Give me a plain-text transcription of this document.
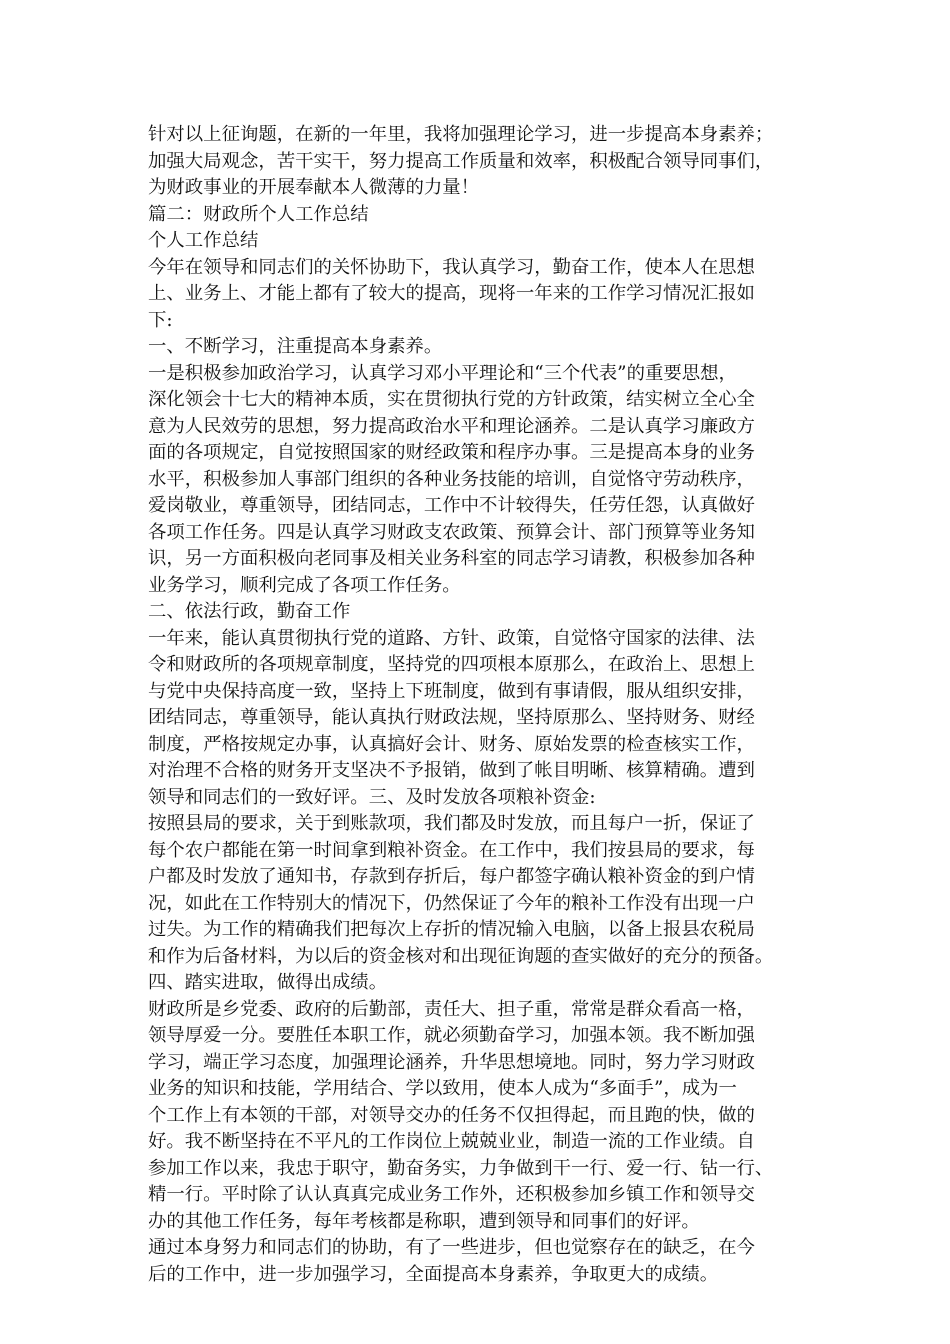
针对以上征询题，在新的一年里，我将加强理论学习，进一步提高本身素养；
加强大局观念，苦干实干，努力提高工作质量和效率，积极配合领导同事们，
为财政事业的开展奉献本人微薄的力量！
篇二：财政所个人工作总结
个人工作总结
今年在领导和同志们的关怀协助下，我认真学习，勤奋工作，使本人在思想
上、业务上、才能上都有了较大的提高，现将一年来的工作学习情况汇报如
下:
一、不断学习，注重提高本身素养。
一是积极参加政治学习，认真学习邓小平理论和“三个代表”的重要思想，
深化领会十七大的精神本质，实在贯彻执行党的方针政策，结实树立全心全
意为人民效劳的思想，努力提高政治水平和理论涵养。二是认真学习廉政方
面的各项规定，自觉按照国家的财经政策和程序办事。三是提高本身的业务
水平，积极参加人事部门组织的各种业务技能的培训，自觉恪守劳动秩序，
爱岗敬业，尊重领导，团结同志，工作中不计较得失，任劳任怨，认真做好
各项工作任务。四是认真学习财政支农政策、预算会计、部门预算等业务知
识，另一方面积极向老同事及相关业务科室的同志学习请教，积极参加各种
业务学习，顺利完成了各项工作任务。
二、依法行政，勤奋工作
一年来，能认真贯彻执行党的道路、方针、政策，自觉恪守国家的法律、法
令和财政所的各项规章制度，坚持党的四项根本原那么，在政治上、思想上
与党中央保持高度一致，坚持上下班制度，做到有事请假，服从组织安排，
团结同志，尊重领导，能认真执行财政法规，坚持原那么、坚持财务、财经
制度，严格按规定办事，认真搞好会计、财务、原始发票的检查核实工作，
对治理不合格的财务开支坚决不予报销，做到了帐目明晰、核算精确。遭到
领导和同志们的一致好评。三、及时发放各项粮补资金:
按照县局的要求，关于到账款项，我们都及时发放，而且每户一折，保证了
每个农户都能在第一时间拿到粮补资金。在工作中，我们按县局的要求，每
户都及时发放了通知书，存款到存折后，每户都签字确认粮补资金的到户情
况，如此在工作特别大的情况下，仍然保证了今年的粮补工作没有出现一户
过失。为工作的精确我们把每次上存折的情况输入电脑，以备上报县农税局
和作为后备材料，为以后的资金核对和出现征询题的查实做好的充分的预备。
四、踏实进取，做得出成绩。
财政所是乡党委、政府的后勤部，责任大、担子重，常常是群众看高一格，
领导厚爱一分。要胜任本职工作，就必须勤奋学习，加强本领。我不断加强
学习，端正学习态度，加强理论涵养，升华思想境地。同时，努力学习财政
业务的知识和技能，学用结合、学以致用，使本人成为“多面手”，成为一
个工作上有本领的干部，对领导交办的任务不仅担得起，而且跑的快，做的
好。我不断坚持在不平凡的工作岗位上兢兢业业，制造一流的工作业绩。自
参加工作以来，我忠于职守，勤奋务实，力争做到干一行、爱一行、钻一行、
精一行。平时除了认认真真完成业务工作外，还积极参加乡镇工作和领导交
办的其他工作任务，每年考核都是称职，遭到领导和同事们的好评。
通过本身努力和同志们的协助，有了一些进步，但也觉察存在的缺乏，在今
后的工作中，进一步加强学习，全面提高本身素养，争取更大的成绩。
